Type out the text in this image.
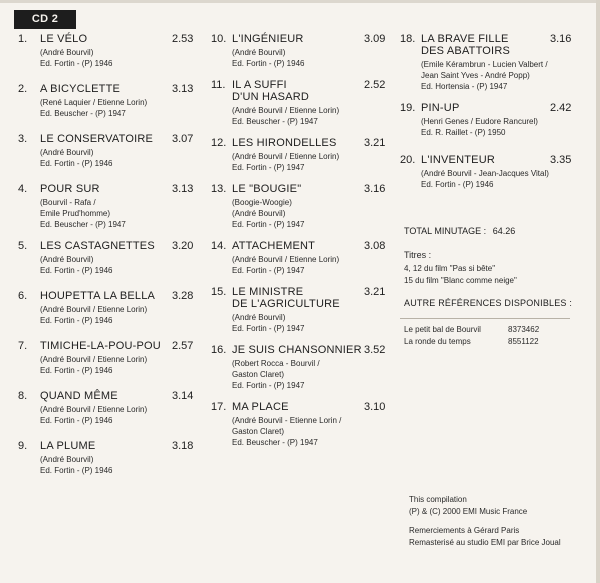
CD 2
1. LE VÉLO	2.53
(André Bourvil)
Ed. Fortin - (P) 1946
2. A BICYCLETTE	3.13
(René Laquier / Etienne Lorin)
Ed. Beuscher - (P) 1947
3. LE CONSERVATOIRE 3.07
(André Bourvil)
Ed. Fortin - (P) 1946
4. POUR SUR	3.13
(Bourvil - Rafa /
Emile Prud'homme)
Ed. Beuscher - (P) 1947
5. LES CASTAGNETTES 3.20
(André Bourvil)
Ed. Fortin - (P) 1946
6. HOUPETTA LA BELLA 3.28
(André Bourvil / Etienne Lorin)
Ed. Fortin - (P) 1946
7. TIMICHE-LA-POU-POU 2.57
(André Bourvil / Etienne Lorin)
Ed. Fortin - (P) 1946
8. QUAND MÊME	3.14
(André Bourvil / Etienne Lorin)
Ed. Fortin - (P) 1946
9. LA PLUME	3.18
(André Bourvil)
Ed. Fortin - (P) 1946
10. L'INGÉNIEUR	3.09
(André Bourvil)
Ed. Fortin - (P) 1946
11. IL A SUFFI
D'UN HASARD
2.52
(André Bourvil / Etienne Lorin)
Ed. Beuscher - (P) 1947
12. LES HIRONDELLES	3.21
(André Bourvil / Etienne Lorin)
Ed. Fortin - (P) 1947
13. LE "BOUGIE"	3.16
(Boogie-Woogie)
(André Bourvil)
Ed. Fortin - (P) 1947
14. ATTACHEMENT	3.08
(André Bourvil / Etienne Lorin)
Ed. Fortin - (P) 1947
15. LE MINISTRE
DE L'AGRICULTURE
3.21
(André Bourvil)
Ed. Fortin - (P) 1947
16. JE SUIS CHANSONNIER 3.52
(Robert Rocca - Bourvil /
Gaston Claret)
Ed. Fortin - (P) 1947
17. MA PLACE	3.10
(André Bourvil - Etienne Lorin /
Gaston Claret)
Ed. Beuscher - (P) 1947
18. LA BRAVE FILLE
DES ABATTOIRS
3.16
(Emile Kérambrun - Lucien Valbert /
Jean Saint Yves - André Popp)
Ed. Hortensia - (P) 1947
19. PIN-UP	2.42
(Henri Genes / Eudore Rancurel)
Ed. R. Raillet - (P) 1950
20. L'INVENTEUR	3.35
(André Bourvil - Jean-Jacques Vital)
Ed. Fortin - (P) 1946
TOTAL MINUTAGE : 64.26
Titres :
4, 12 du film "Pas si bête"
15 du film "Blanc comme neige"
AUTRE RÉFÉRENCES DISPONIBLES :
Le petit bal de Bourvil	8373462
La ronde du temps	8551122
This compilation
(P) & (C) 2000 EMI Music France
Remerciements à Gérard Paris
Remasterisé au studio EMI par Brice Joual
